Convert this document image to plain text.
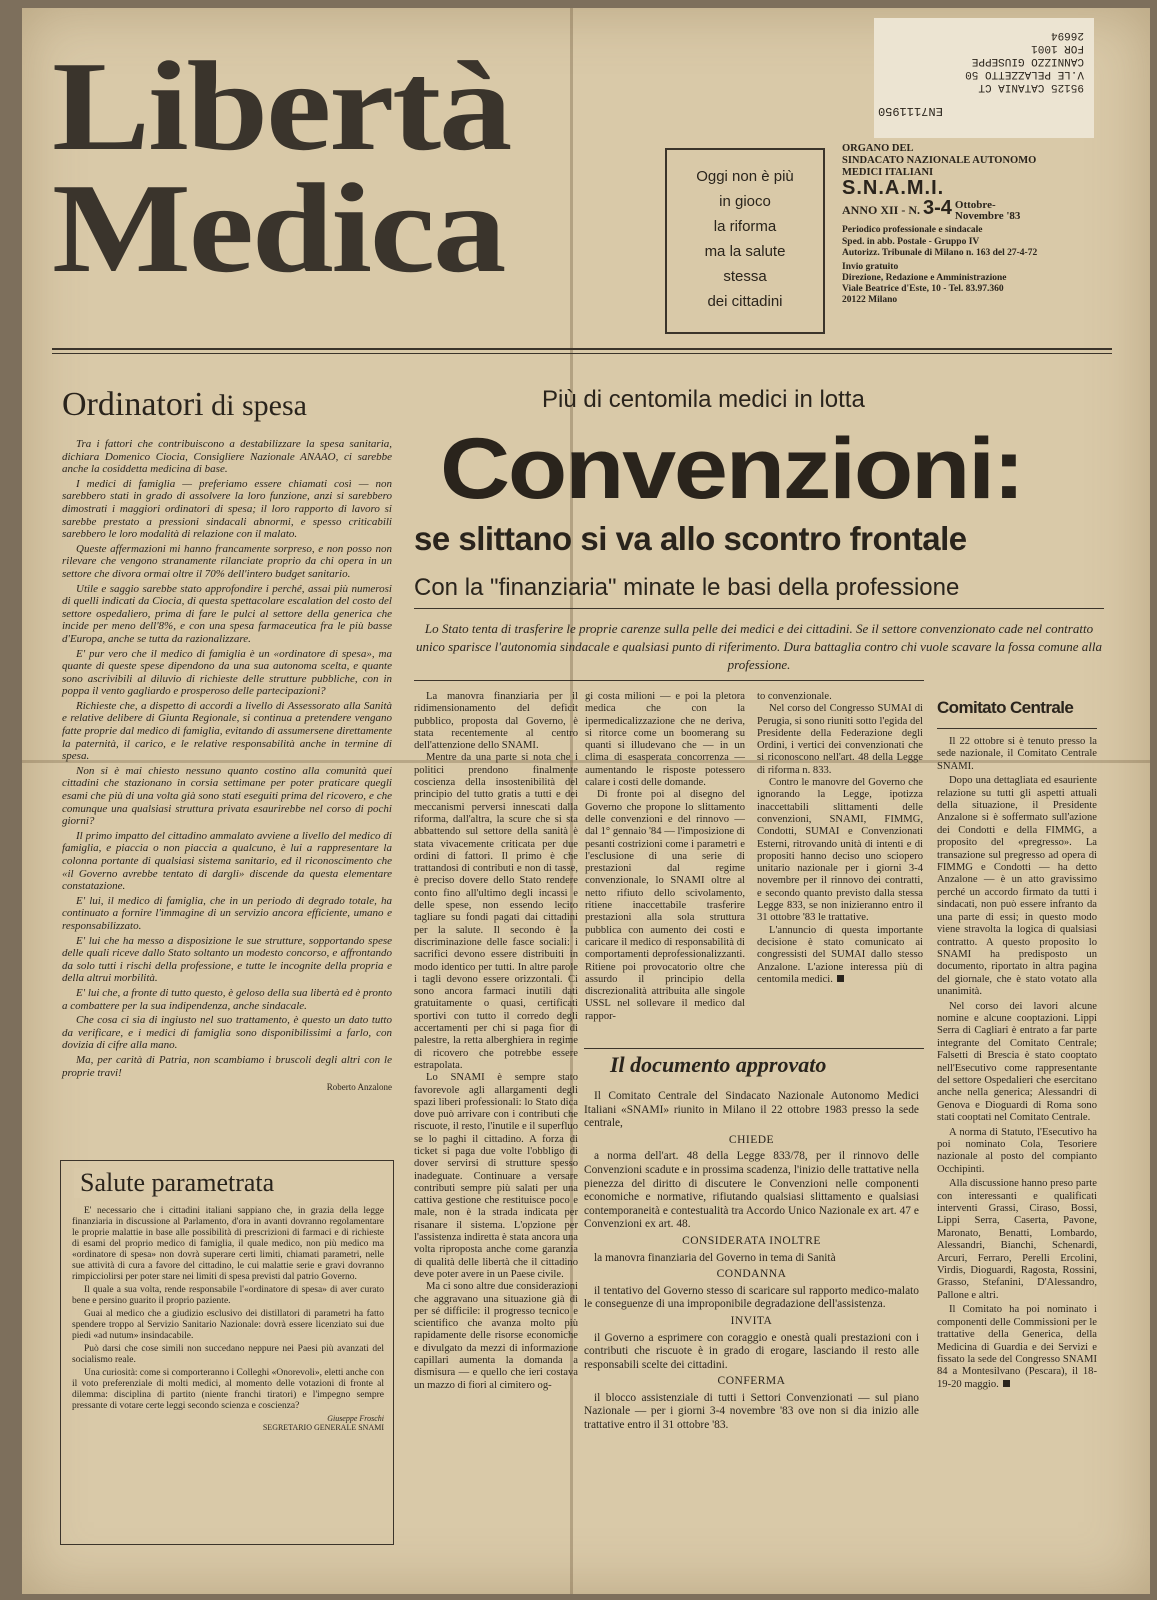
Libertà
Medica	Oggi non è più
in gioco
la riforma
ma la salute
stessa
dei cittadini
95125 CATANIA CT
V.LE PELAZZETTO 50
CANNIZZO GIUSEPPE
FOR 1001
26694
EN7111950
ORGANO DEL
SINDACATO NAZIONALE AUTONOMO
MEDICI ITALIANI
S.N.A.M.I.
ANNO XII - N. 3-4 Ottobre-
Novembre '83
Periodico professionale e sindacale
Sped. in abb. Postale - Gruppo IV
Autorizz. Tribunale di Milano n. 163 del 27-4-72
Invio gratuito
Direzione, Redazione e Amministrazione
Viale Beatrice d'Este, 10 - Tel. 83.97.360
20122 Milano
Ordinatori di spesa

Tra i fattori che contribuiscono a destabilizzare la spesa sanitaria, dichiara Domenico Ciocia, Consigliere Nazionale ANAAO, ci sarebbe anche la cosiddetta medicina di base.

I medici di famiglia — preferiamo essere chiamati così — non sarebbero stati in grado di assolvere la loro funzione, anzi si sarebbero dimostrati i maggiori ordinatori di spesa; il loro rapporto di lavoro si sarebbe prestato a pressioni sindacali abnormi, e spesso criticabili sarebbero le loro modalità di relazione con il malato.

Queste affermazioni mi hanno francamente sorpreso, e non posso non rilevare che vengono stranamente rilanciate proprio da chi opera in un settore che divora ormai oltre il 70% dell'intero budget sanitario.

Utile e saggio sarebbe stato approfondire i perché, assai più numerosi di quelli indicati da Ciocia, di questa spettacolare escalation del costo del settore ospedaliero, prima di fare le pulci al settore della generica che incide per meno dell'8%, e con una spesa farmaceutica fra le più basse d'Europa, anche se tutta da razionalizzare.

E' pur vero che il medico di famiglia è un «ordinatore di spesa», ma quante di queste spese dipendono da una sua autonoma scelta, e quante sono ascrivibili al diluvio di richieste delle strutture pubbliche, con in poppa il vento gagliardo e prosperoso delle partecipazioni?

Richieste che, a dispetto di accordi a livello di Assessorato alla Sanità e relative delibere di Giunta Regionale, si continua a pretendere vengano fatte proprie dal medico di famiglia, evitando di assumersene direttamente la paternità, il carico, e le relative responsabilità anche in termine di spesa.

Non si è mai chiesto nessuno quanto costino alla comunità quei cittadini che stazionano in corsia settimane per poter praticare quegli esami che più di una volta già sono stati eseguiti prima del ricovero, e che comunque una qualsiasi struttura privata esaurirebbe nel corso di pochi giorni?

Il primo impatto del cittadino ammalato avviene a livello del medico di famiglia, e piaccia o non piaccia a qualcuno, è lui a rappresentare la colonna portante di qualsiasi sistema sanitario, ed il riconoscimento che «il Governo avrebbe tentato di dargli» discende da questa elementare constatazione.

E' lui, il medico di famiglia, che in un periodo di degrado totale, ha continuato a fornire l'immagine di un servizio ancora efficiente, umano e responsabilizzato.

E' lui che ha messo a disposizione le sue strutture, sopportando spese delle quali riceve dallo Stato soltanto un modesto concorso, e affrontando da solo tutti i rischi della professione, e tutte le incognite della propria e della altrui morbilità.

E' lui che, a fronte di tutto questo, è geloso della sua libertà ed è pronto a combattere per la sua indipendenza, anche sindacale.

Che cosa ci sia di ingiusto nel suo trattamento, è questo un dato tutto da verificare, e i medici di famiglia sono disponibilissimi a farlo, con dovizia di cifre alla mano.

Ma, per carità di Patria, non scambiamo i bruscoli degli altri con le proprie travi!

Roberto Anzalone
Salute parametrata

E' necessario che i cittadini italiani sappiano che, in grazia della legge finanziaria in discussione al Parlamento, d'ora in avanti dovranno regolamentare le proprie malattie in base alle possibilità di prescrizioni di farmaci e di richieste di esami del proprio medico di famiglia, il quale medico, non più medico ma «ordinatore di spesa» non dovrà superare certi limiti, chiamati parametri, nelle sue attività di cura a favore del cittadino, le cui malattie serie e gravi dovranno rimpicciolirsi per poter stare nei limiti di spesa previsti dal patrio Governo.

Il quale a sua volta, rende responsabile l'«ordinatore di spesa» di aver curato bene e persino guarito il proprio paziente.

Guai al medico che a giudizio esclusivo dei distillatori di parametri ha fatto spendere troppo al Servizio Sanitario Nazionale: dovrà essere licenziato sui due piedi «ad nutum» insindacabile.

Può darsi che cose simili non succedano neppure nei Paesi più avanzati del socialismo reale.

Una curiosità: come si comporteranno i Colleghi «Onorevoli», eletti anche con il voto preferenziale di molti medici, al momento delle votazioni di fronte al dilemma: disciplina di partito (niente franchi tiratori) e l'impegno sempre pressante di votare certe leggi secondo scienza e coscienza?

Giuseppe Froschi
SEGRETARIO GENERALE SNAMI
Più di centomila medici in lotta
Convenzioni:
se slittano si va allo scontro frontale
Con la "finanziaria" minate le basi della professione
Lo Stato tenta di trasferire le proprie carenze sulla pelle dei medici e dei cittadini. Se il settore convenzionato cade nel contratto unico sparisce l'autonomia sindacale e qualsiasi punto di riferimento. Dura battaglia contro chi vuole scavare la fossa comune alla professione.

La manovra finanziaria per il ridimensionamento del deficit pubblico, proposta dal Governo, è stata recentemente al centro dell'attenzione dello SNAMI.

Mentre da una parte si nota che i politici prendono finalmente coscienza della insostenibilità del principio del tutto gratis a tutti e dei meccanismi perversi innescati dalla riforma, dall'altra, la scure che si sta abbattendo sul settore della sanità è stata vivacemente criticata per due ordini di fattori. Il primo è che trattandosi di contributi e non di tasse, è preciso dovere dello Stato rendere conto fino all'ultimo degli incassi e delle spese, non essendo lecito tagliare su fondi pagati dai cittadini per la salute. Il secondo è la discriminazione delle fasce sociali: i sacrifici devono essere distribuiti in modo identico per tutti. In altre parole i tagli devono essere orizzontali. Ci sono ancora farmaci inutili dati gratuitamente o quasi, certificati sportivi con tutto il corredo degli accertamenti per chi si paga fior di palestre, la retta alberghiera in regime di ricovero che potrebbe essere estrapolata.

Lo SNAMI è sempre stato favorevole agli allargamenti degli spazi liberi professionali: lo Stato dica dove può arrivare con i contributi che riscuote, il resto, l'inutile e il superfluo se lo paghi il cittadino. A forza di ticket si paga due volte l'obbligo di dover servirsi di strutture spesso inadeguate. Continuare a versare contributi sempre più salati per una cattiva gestione che restituisce poco e male, non è la strada indicata per risanare il sistema. L'opzione per l'assistenza indiretta è stata ancora una volta riproposta anche come garanzia di qualità delle libertà che il cittadino deve poter avere in un Paese civile.

Ma ci sono altre due considerazioni che aggravano una situazione già di per sé difficile: il progresso tecnico e scientifico che avanza molto più rapidamente delle risorse economiche e divulgato da mezzi di informazione capillari aumenta la domanda a dismisura — e quello che ieri costava un mazzo di fiori al cimitero og-

gi costa milioni — e poi la pletora medica che con la ipermedicalizzazione che ne deriva, si ritorce come un boomerang su quanti si illudevano che — in un clima di esasperata concorrenza — aumentando le risposte potessero calare i costi delle domande.

Di fronte poi al disegno del Governo che propone lo slittamento delle convenzioni e del rinnovo — dal 1° gennaio '84 — l'imposizione di pesanti costrizioni come i parametri e l'esclusione di una serie di prestazioni dal regime convenzionale, lo SNAMI oltre al netto rifiuto dello scivolamento, ritiene inaccettabile trasferire prestazioni alla sola struttura pubblica con aumento dei costi e caricare il medico di responsabilità di comportamenti deprofessionalizzanti. Ritiene poi provocatorio oltre che assurdo il principio della discrezionalità attribuita alle singole USSL nel sollevare il medico dal rappor-

to convenzionale.

Nel corso del Congresso SUMAI di Perugia, si sono riuniti sotto l'egida del Presidente della Federazione degli Ordini, i vertici dei convenzionati che si riconoscono nell'art. 48 della Legge di riforma n. 833.

Contro le manovre del Governo che ignorando la Legge, ipotizza inaccettabili slittamenti delle convenzioni, SNAMI, FIMMG, Condotti, SUMAI e Convenzionati Esterni, ritrovando unità di intenti e di propositi hanno deciso uno sciopero unitario nazionale per i giorni 3-4 novembre per il rinnovo dei contratti, e secondo quanto previsto dalla stessa Legge 833, se non inizieranno entro il 31 ottobre '83 le trattative.

L'annuncio di questa importante decisione è stato comunicato ai congressisti del SUMAI dallo stesso Anzalone. L'azione interessa più di centomila medici.

Il documento approvato

Il Comitato Centrale del Sindacato Nazionale Autonomo Medici Italiani «SNAMI» riunito in Milano il 22 ottobre 1983 presso la sede centrale,

CHIEDE

a norma dell'art. 48 della Legge 833/78, per il rinnovo delle Convenzioni scadute e in prossima scadenza, l'inizio delle trattative nella pienezza del diritto di discutere le Convenzioni nelle componenti economiche e normative, rifiutando qualsiasi slittamento e qualsiasi contemporaneità e contestualità tra Accordo Unico Nazionale ex art. 47 e Convenzioni ex art. 48.

CONSIDERATA INOLTRE

la manovra finanziaria del Governo in tema di Sanità

CONDANNA

il tentativo del Governo stesso di scaricare sul rapporto medico-malato le conseguenze di una improponibile degradazione dell'assistenza.

INVITA

il Governo a esprimere con coraggio e onestà quali prestazioni con i contributi che riscuote è in grado di erogare, lasciando il resto alle responsabili scelte dei cittadini.

CONFERMA

il blocco assistenziale di tutti i Settori Convenzionati — sul piano Nazionale — per i giorni 3-4 novembre '83 ove non si dia inizio alle trattative entro il 31 ottobre '83.

Comitato Centrale

Il 22 ottobre si è tenuto presso la sede nazionale, il Comitato Centrale SNAMI.

Dopo una dettagliata ed esauriente relazione su tutti gli aspetti attuali della situazione, il Presidente Anzalone si è soffermato sull'azione dei Condotti e della FIMMG, a proposito del «pregresso». La transazione sul pregresso ad opera di FIMMG e Condotti — ha detto Anzalone — è un atto gravissimo perché un accordo firmato da tutti i sindacati, non può essere infranto da una parte di essi; in questo modo viene stravolta la logica di qualsiasi contratto. A questo proposito lo SNAMI ha predisposto un documento, riportato in altra pagina del giornale, che è stato votato alla unanimità.

Nel corso dei lavori alcune nomine e alcune cooptazioni. Lippi Serra di Cagliari è entrato a far parte integrante del Comitato Centrale; Falsetti di Brescia è stato cooptato nell'Esecutivo come rappresentante del settore Ospedalieri che esercitano anche nella generica; Alessandri di Genova e Dioguardi di Roma sono stati cooptati nel Comitato Centrale.

A norma di Statuto, l'Esecutivo ha poi nominato Cola, Tesoriere nazionale al posto del compianto Occhipinti.

Alla discussione hanno preso parte con interessanti e qualificati interventi Grassi, Ciraso, Bossi, Lippi Serra, Caserta, Pavone, Maronato, Benatti, Lombardo, Alessandri, Bianchi, Schenardi, Arcuri, Ferraro, Perelli Ercolini, Virdis, Dioguardi, Ragosta, Rossini, Grasso, Stefanini, D'Alessandro, Pallone e altri.

Il Comitato ha poi nominato i componenti delle Commissioni per le trattative della Generica, della Medicina di Guardia e dei Servizi e fissato la sede del Congresso SNAMI 84 a Montesilvano (Pescara), il 18-19-20 maggio.
